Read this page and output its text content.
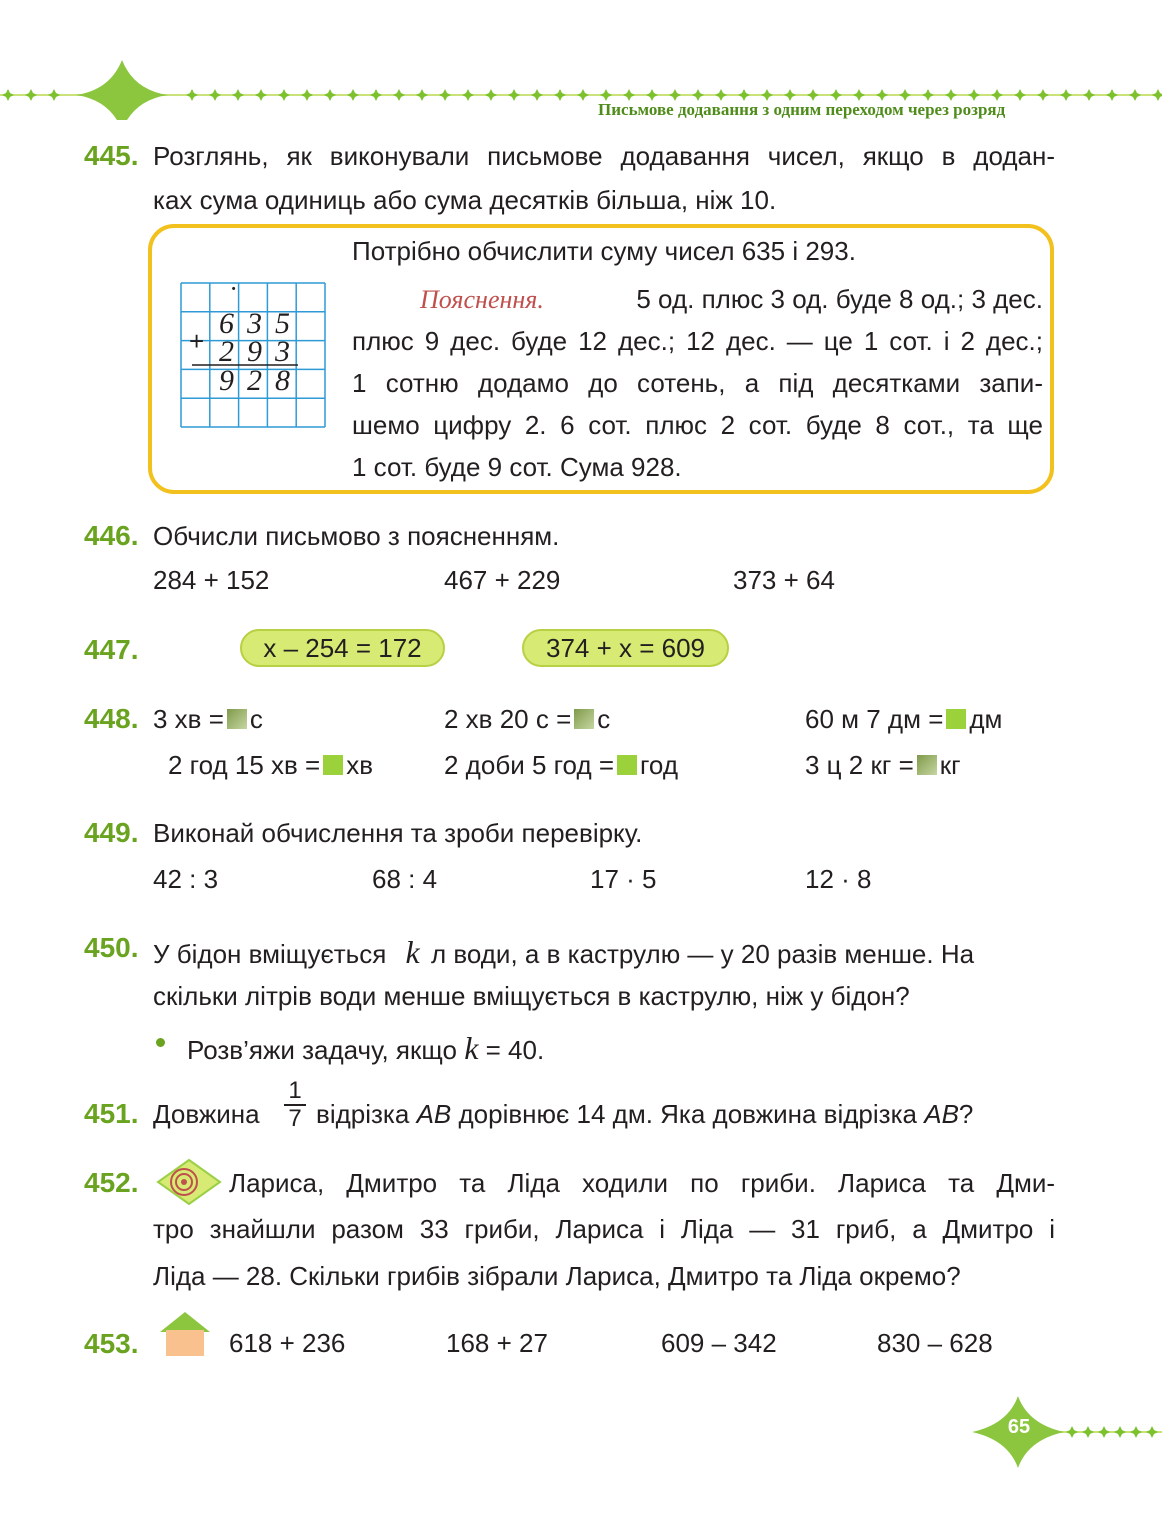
Письмове додавання з одним переходом через розряд
445. Розглянь, як виконували письмове додавання чисел, якщо в додан-
ках сума одиниць або сума десятків більша, ніж 10.
·
+
6 3 5
2 9 3
9 2 8
Потрібно обчислити суму чисел 635 і 293.
Пояснення.	5 од. плюс 3 од. буде 8 од.; 3 дес.
плюс 9 дес. буде 12 дес.; 12 дес. — це 1 сот. і 2 дес.;
1 сотню додамо до сотень, а під десятками запи-
шемо цифру 2. 6 сот. плюс 2 сот. буде 8 сот., та ще
1 сот. буде 9 сот. Сума 928.
446. Обчисли письмово з поясненням.
284 + 152	467 + 229	373 + 64
447.	x – 254 = 172	374 + x = 609
448. 3 хв = с	2 хв 20 с = с	60 м 7 дм = дм
2 год 15 хв = хв	2 доби 5 год = год	3 ц 2 кг = кг
449. Виконай обчислення та зроби перевірку.
42 : 3	68 : 4	17 · 5	12 · 8
450. У бідон вміщується k л води, а в каструлю — у 20 разів менше. На
скільки літрів води менше вміщується в каструлю, ніж у бідон?
Розв’яжи задачу, якщо k = 40.
451. Довжина $\frac{1}{7}$ відрізка AB дорівнює 14 дм. Яка довжина відрізка AB?
452.	Лариса, Дмитро та Ліда ходили по гриби. Лариса та Дми-
тро знайшли разом 33 гриби, Лариса і Ліда — 31 гриб, а Дмитро і
Ліда — 28. Скільки грибів зібрали Лариса, Дмитро та Ліда окремо?
453.	618 + 236	168 + 27	609 – 342	830 – 628
65
